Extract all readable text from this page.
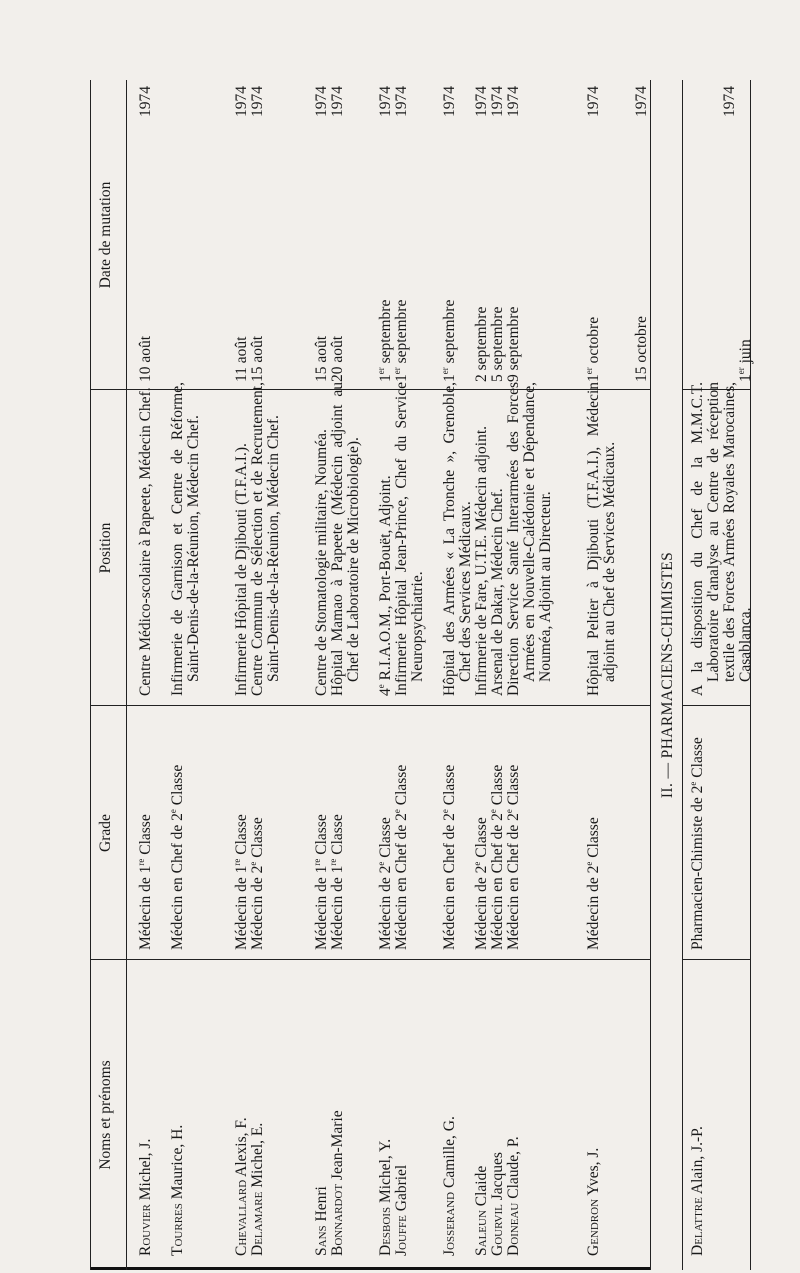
Noms et prénoms
Grade
Position
Date de mutation
II. — PHARMACIENS-CHIMISTES
Rouvier Michel, J.
Médecin de 1re Classe
Centre Médico-scolaire à Papeete, Médecin Chef.
10 août
1974
Tourres Maurice, H.
Médecin en Chef de 2e Classe
Infirmerie de Garnison et Centre de Réforme, Saint-Denis-de-la-Réunion, Médecin Chef.
Chevallard Alexis, F.
Médecin de 1re Classe
Infirmerie Hôpital de Djibouti (T.F.A.I.).
11 août
1974
Delamare Michel, E.
Médecin de 2e Classe
Centre Commun de Sélection et de Recrutement, Saint-Denis-de-la-Réunion, Médecin Chef.
15 août
1974
Sans Henri
Médecin de 1re Classe
Centre de Stomatologie militaire, Nouméa.
15 août
1974
Bonnardot Jean-Marie
Médecin de 1re Classe
Hôpital Mamao à Papeete (Médecin adjoint au Chef de Laboratoire de Microbiologie).
20 août
1974
Desbois Michel, Y.
Médecin de 2e Classe
4e R.I.A.O.M., Port-Bouët, Adjoint.
1er septembre
1974
Jouffe Gabriel
Médecin en Chef de 2e Classe
Infirmerie Hôpital Jean-Prince, Chef du Service Neuropsychiatrie.
1er septembre
1974
Josserand Camille, G.
Médecin en Chef de 2e Classe
Hôpital des Armées « La Tronche », Grenoble, Chef des Services Médicaux.
1er septembre
1974
Saleun Claide
Médecin de 2e Classe
Infirmerie de Fare, U.T.E. Médecin adjoint.
2 septembre
1974
Gourvil Jacques
Médecin en Chef de 2e Classe
Arsenal de Dakar, Médecin Chef.
5 septembre
1974
Doineau Claude, P.
Médecin en Chef de 2e Classe
Direction Service Santé Interarmées des Forces Armées en Nouvelle-Calédonie et Dépendance, Nouméa, Adjoint au Directeur.
9 septembre
1974
Gendron Yves, J.
Médecin de 2e Classe
Hôpital Peltier à Djibouti (T.F.A.I.), Médecin adjoint au Chef de Services Médicaux.
1er octobre
1974
15 octobre
1974
Delattre Alain, J.-P.
Pharmacien-Chimiste de 2e Classe
A la disposition du Chef de la M.M.C.T. Laboratoire d'analyse au Centre de réception textile des Forces Armées Royales Marocaines, Casablanca.
1er juin
1974
